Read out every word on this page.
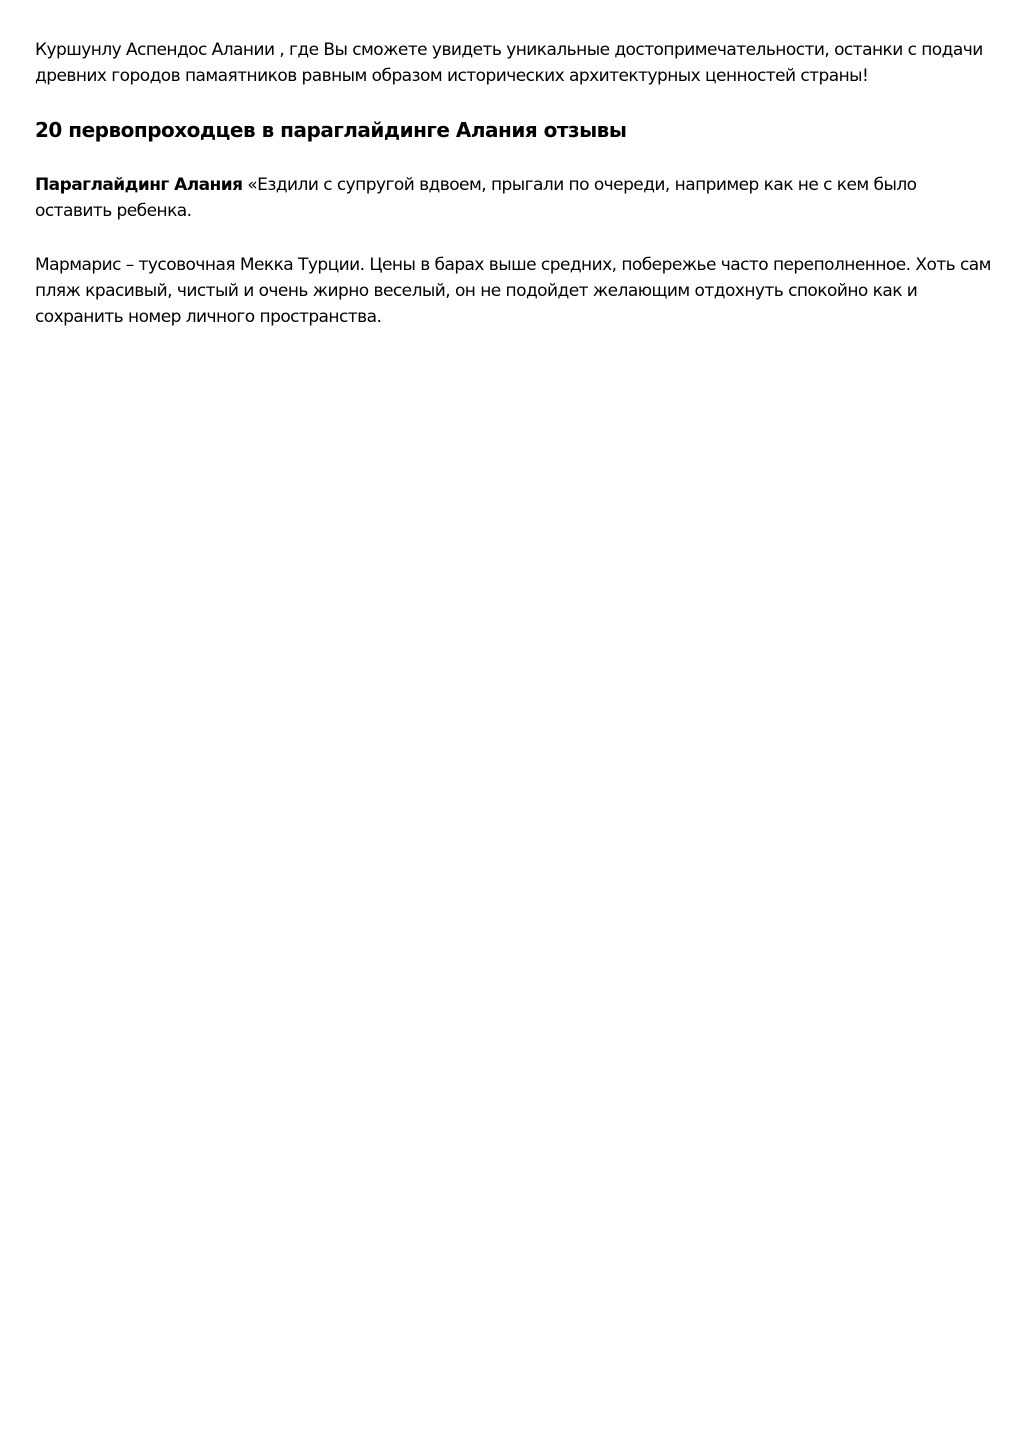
Куршунлу Аспендос Алании , где Вы сможете увидеть уникальные достопримечательности, останки с подачи древних городов памаятников равным образом исторических архитектурных ценностей страны!

20 первопроходцев в параглайдинге Алания отзывы

Параглайдинг Алания «Ездили с супругой вдвоем, прыгали по очереди, например как не с кем было оставить ребенка.

Мармарис – тусовочная Мекка Турции. Цены в барах выше средних, побережье часто переполненное. Хоть сам пляж красивый, чистый и очень жирно веселый, он не подойдет желающим отдохнуть спокойно как и сохранить номер личного пространства.
